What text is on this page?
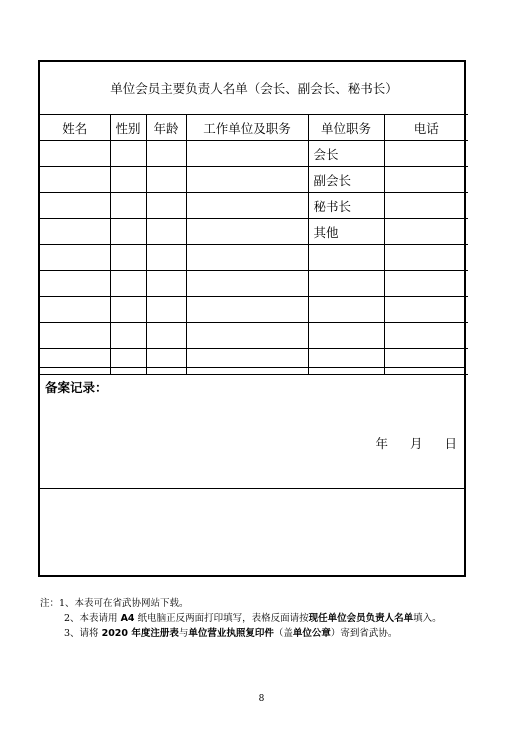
单位会员主要负责人名单（会长、副会长、秘书长）					
姓名	性别	年龄	工作单位及职务	单位职务	电话
				会长	
				副会长	
				秘书长	
				其他	

备案记录：
年 月 日
注：1、本表可在省武协网站下载。
2、本表请用 A4 纸电脑正反两面打印填写，表格反面请按现任单位会员负责人名单填入。
3、请将 2020 年度注册表与单位营业执照复印件（盖单位公章）寄到省武协。
8
